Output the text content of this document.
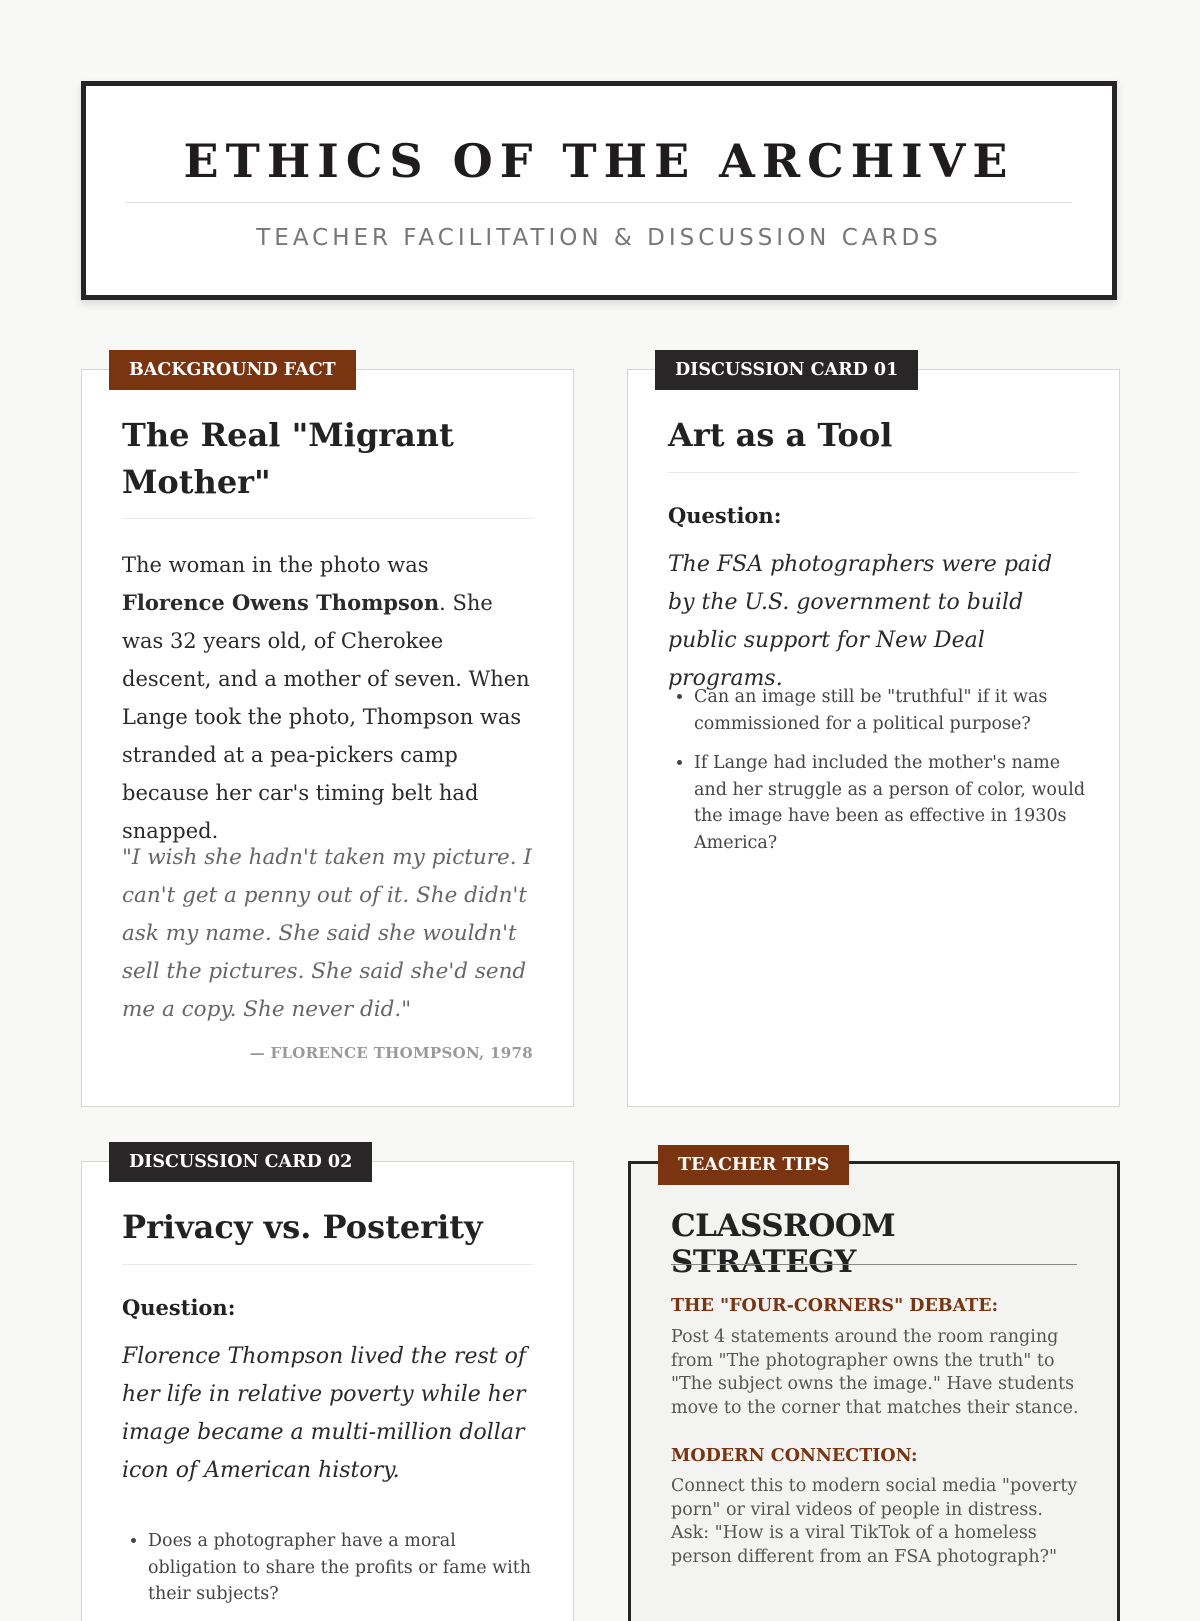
ETHICS OF THE ARCHIVE
TEACHER FACILITATION & DISCUSSION CARDS
BACKGROUND FACT
The Real "Migrant Mother"
The woman in the photo was Florence Owens Thompson. She was 32 years old, of Cherokee descent, and a mother of seven. When Lange took the photo, Thompson was stranded at a pea-pickers camp because her car's timing belt had snapped.
"I wish she hadn't taken my picture. I can't get a penny out of it. She didn't ask my name. She said she wouldn't sell the pictures. She said she'd send me a copy. She never did."
— FLORENCE THOMPSON, 1978
DISCUSSION CARD 01
Art as a Tool
Question:
The FSA photographers were paid by the U.S. government to build public support for New Deal programs.
• Can an image still be "truthful" if it was commissioned for a political purpose?
• If Lange had included the mother's name and her struggle as a person of color, would the image have been as effective in 1930s America?
DISCUSSION CARD 02
Privacy vs. Posterity
Question:
Florence Thompson lived the rest of her life in relative poverty while her image became a multi-million dollar icon of American history.
• Does a photographer have a moral obligation to share the profits or fame with their subjects?
TEACHER TIPS
CLASSROOM STRATEGY
THE "FOUR-CORNERS" DEBATE:
Post 4 statements around the room ranging from "The photographer owns the truth" to "The subject owns the image." Have students move to the corner that matches their stance.
MODERN CONNECTION:
Connect this to modern social media "poverty porn" or viral videos of people in distress. Ask: "How is a viral TikTok of a homeless person different from an FSA photograph?"
